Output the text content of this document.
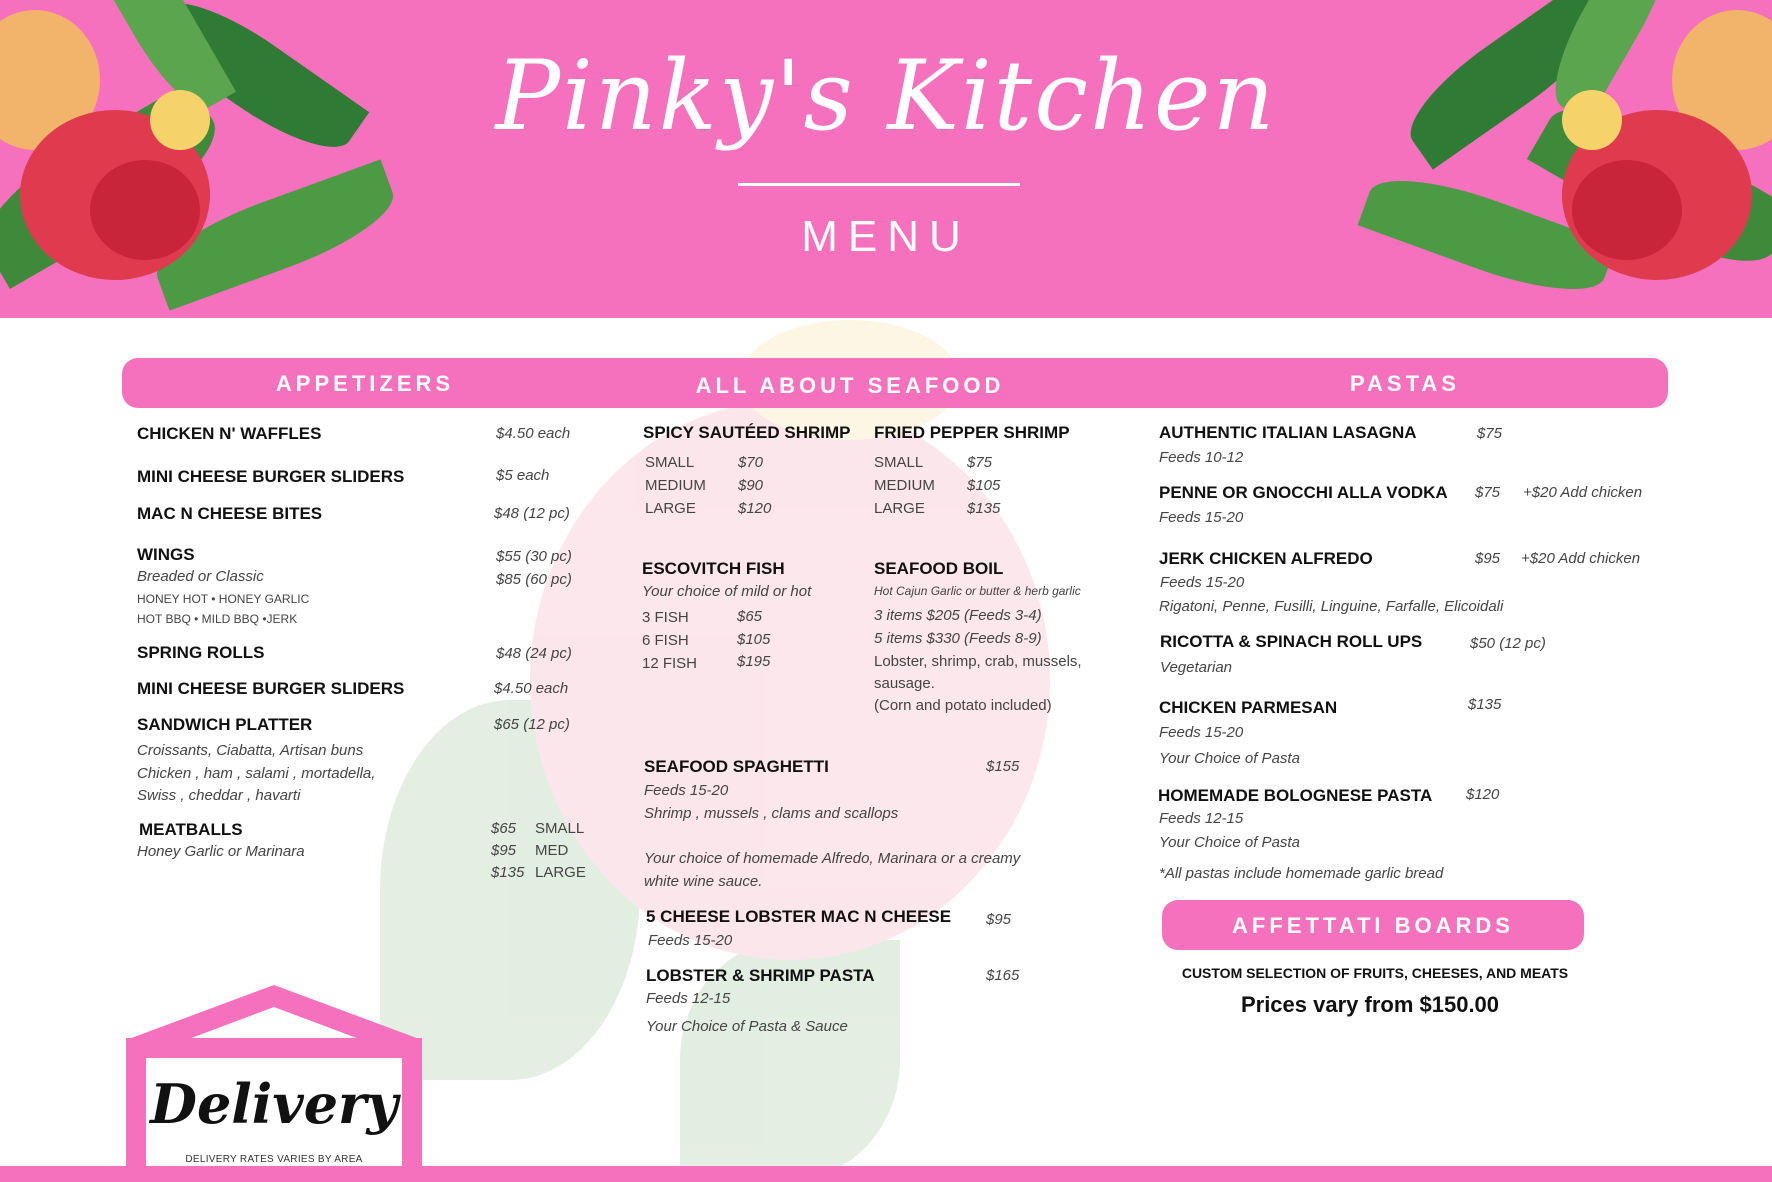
Pinky's Kitchen
MENU
APPETIZERS	ALL ABOUT SEAFOOD	PASTAS
CHICKEN N' WAFFLES	$4.50 each
MINI CHEESE BURGER SLIDERS	$5 each
MAC N CHEESE BITES	$48 (12 pc)
WINGS	$55 (30 pc)
$85 (60 pc)
Breaded or Classic
HONEY HOT • HONEY GARLIC
HOT BBQ • MILD BBQ •JERK
SPRING ROLLS	$48 (24 pc)
MINI CHEESE BURGER SLIDERS	$4.50 each
SANDWICH PLATTER	$65 (12 pc)
Croissants, Ciabatta, Artisan buns
Chicken , ham , salami , mortadella,
Swiss , cheddar , havarti
MEATBALLS
Honey Garlic or Marinara
$65 SMALL
$95 MED
$135 LARGE
SPICY SAUTÉED SHRIMP
SMALL	$70
MEDIUM $90
LARGE	$120
FRIED PEPPER SHRIMP
SMALL	$75
MEDIUM $105
LARGE	$135
ESCOVITCH FISH
Your choice of mild or hot
3 FISH	$65
6 FISH	$105
12 FISH	$195
SEAFOOD BOIL
Hot Cajun Garlic or butter & herb garlic
3 items $205 (Feeds 3-4)
5 items $330 (Feeds 8-9)
Lobster, shrimp, crab, mussels,
sausage.
(Corn and potato included)
SEAFOOD SPAGHETTI	$155
Feeds 15-20
Shrimp , mussels , clams and scallops
Your choice of homemade Alfredo, Marinara or a creamy
white wine sauce.
5 CHEESE LOBSTER MAC N CHEESE $95
Feeds 15-20
LOBSTER & SHRIMP PASTA	$165
Feeds 12-15
Your Choice of Pasta & Sauce
AUTHENTIC ITALIAN LASAGNA	$75
Feeds 10-12
PENNE OR GNOCCHI ALLA VODKA $75 +$20 Add chicken
Feeds 15-20
JERK CHICKEN ALFREDO	$95 +$20 Add chicken
Feeds 15-20
Rigatoni, Penne, Fusilli, Linguine, Farfalle, Elicoidali
RICOTTA & SPINACH ROLL UPS	$50 (12 pc)
Vegetarian
CHICKEN PARMESAN	$135
Feeds 15-20
Your Choice of Pasta
HOMEMADE BOLOGNESE PASTA $120
Feeds 12-15
Your Choice of Pasta
*All pastas include homemade garlic bread
AFFETTATI BOARDS
CUSTOM SELECTION OF FRUITS, CHEESES, AND MEATS
Prices vary from $150.00
Delivery
DELIVERY RATES VARIES BY AREA
